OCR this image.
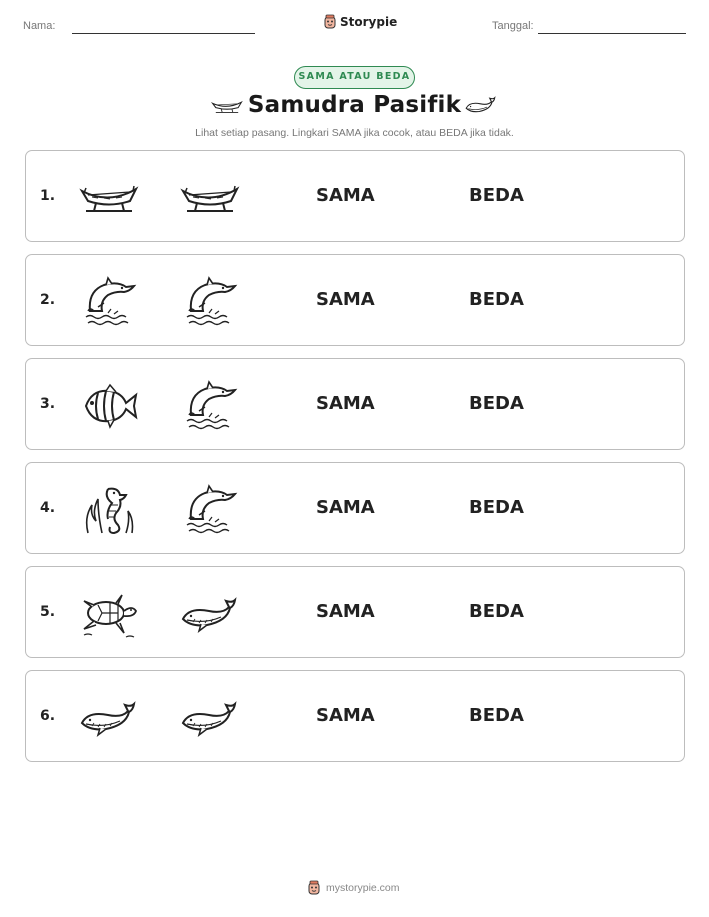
Nama:	Storypie	Tanggal:
SAMA ATAU BEDA
Samudra Pasifik
Lihat setiap pasang. Lingkari SAMA jika cocok, atau BEDA jika tidak.
1.	SAMA	BEDA
2.	SAMA	BEDA
3.	SAMA	BEDA
4.	SAMA	BEDA
5.	SAMA	BEDA
6.	SAMA	BEDA
mystorypie.com
